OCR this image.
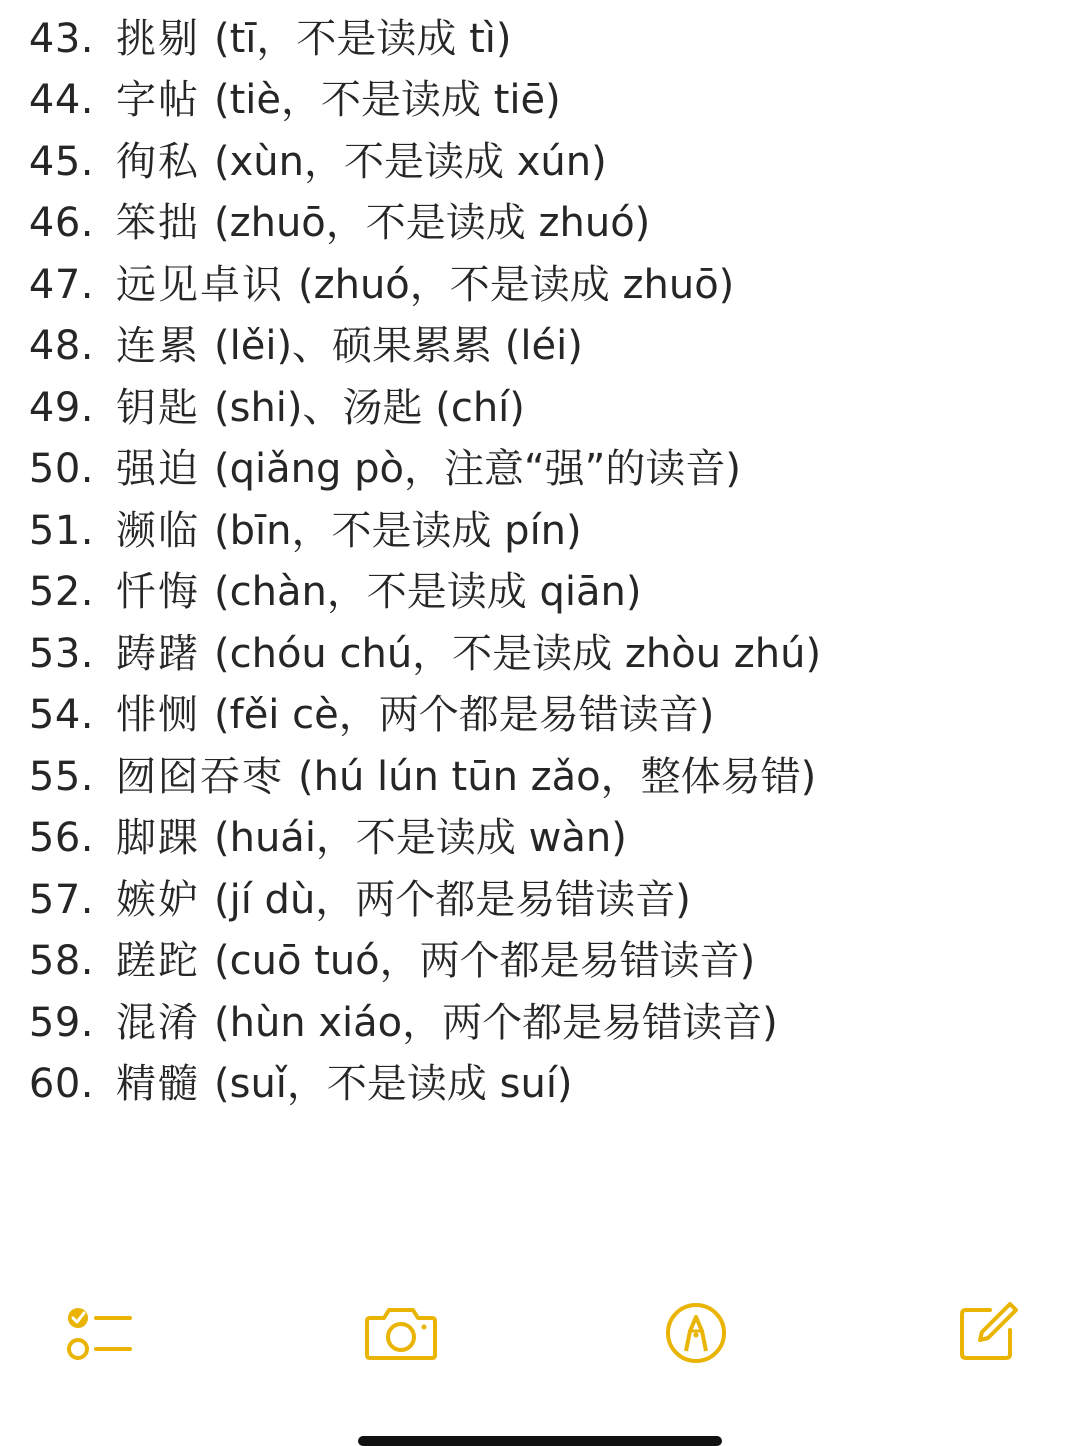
43. 挑剔 (tī，不是读成 tì)
44. 字帖 (tiè，不是读成 tiē)
45. 徇私 (xùn，不是读成 xún)
46. 笨拙 (zhuō，不是读成 zhuó)
47. 远见卓识 (zhuó，不是读成 zhuō)
48. 连累 (lěi)、硕果累累 (léi)
49. 钥匙 (shi)、汤匙 (chí)
50. 强迫 (qiǎng pò，注意“强”的读音)
51. 濒临 (bīn，不是读成 pín)
52. 忏悔 (chàn，不是读成 qiān)
53. 踌躇 (chóu chú，不是读成 zhòu zhú)
54. 悱恻 (fěi cè，两个都是易错读音)
55. 囫囵吞枣 (hú lún tūn zǎo，整体易错)
56. 脚踝 (huái，不是读成 wàn)
57. 嫉妒 (jí dù，两个都是易错读音)
58. 蹉跎 (cuō tuó，两个都是易错读音)
59. 混淆 (hùn xiáo，两个都是易错读音)
60. 精髓 (suǐ，不是读成 suí)
